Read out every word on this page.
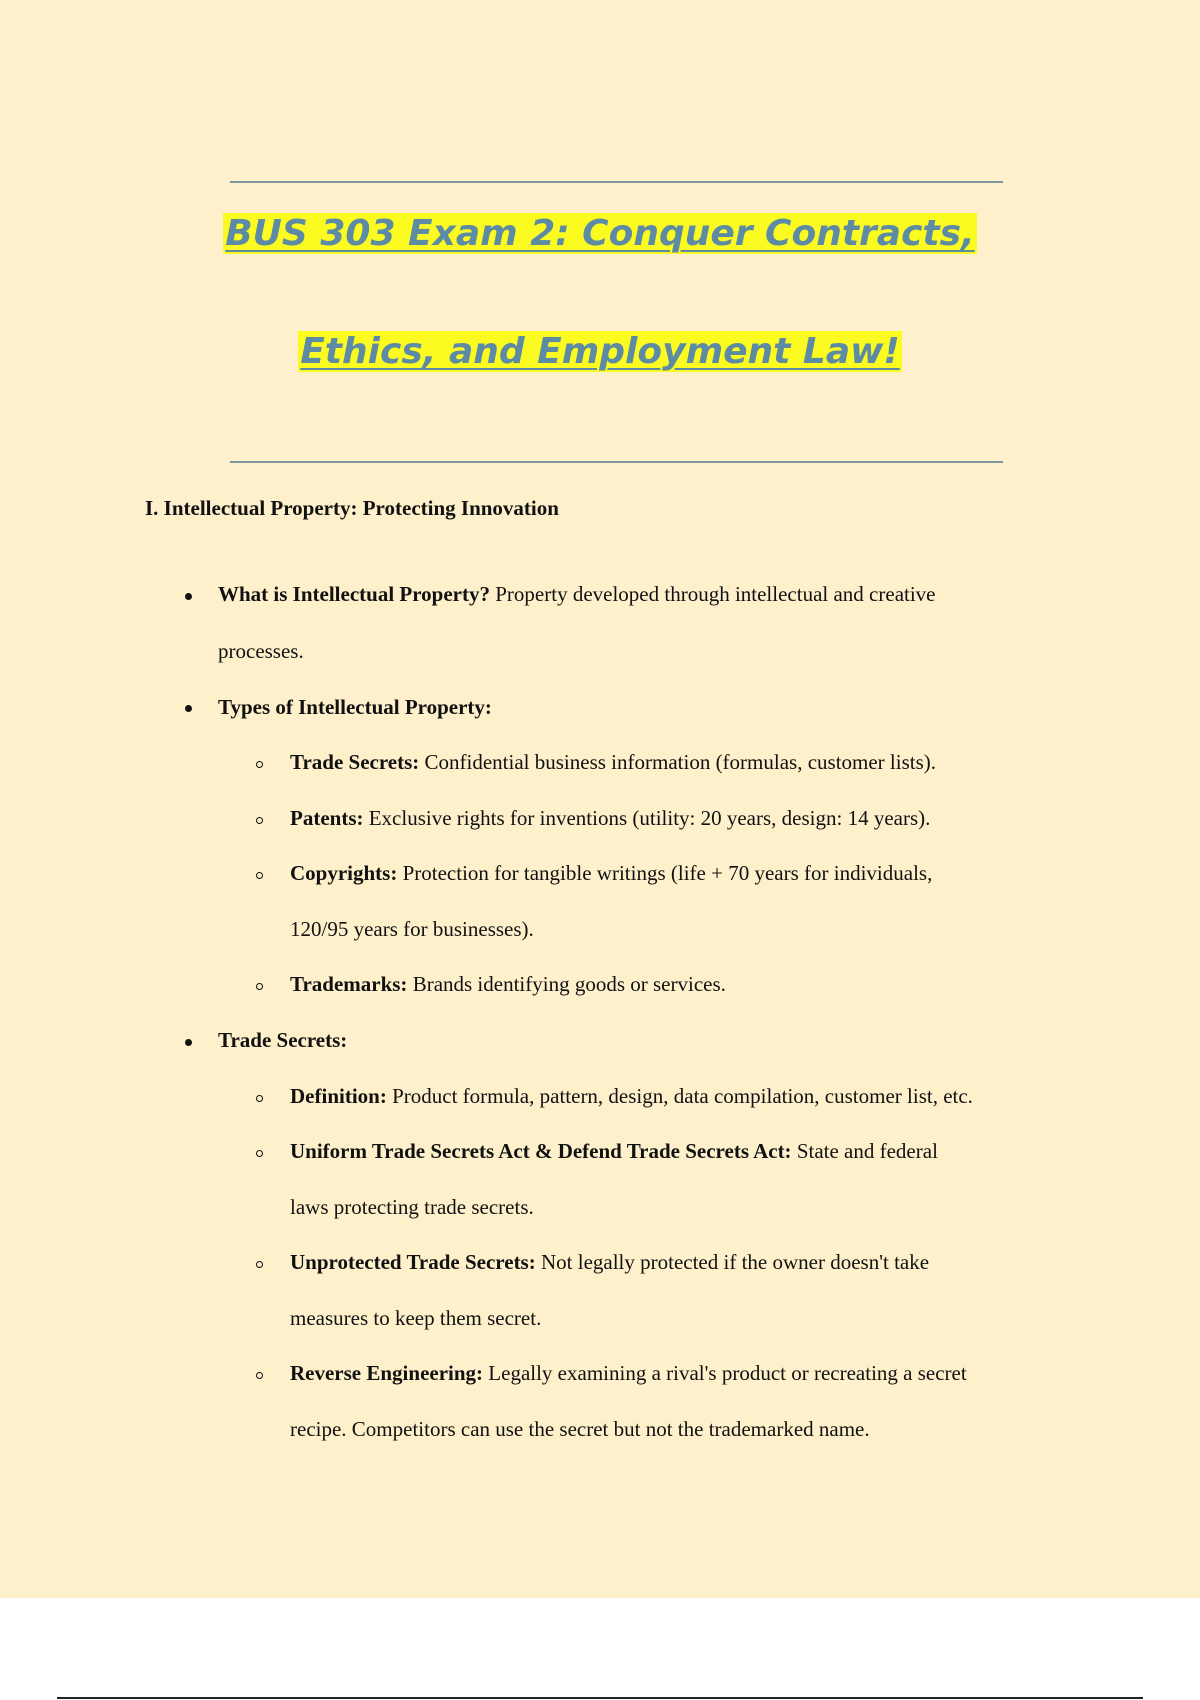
BUS 303 Exam 2: Conquer Contracts,
Ethics, and Employment Law!
I. Intellectual Property: Protecting Innovation
What is Intellectual Property? Property developed through intellectual and creative
processes.
Types of Intellectual Property:
Trade Secrets: Confidential business information (formulas, customer lists).
Patents: Exclusive rights for inventions (utility: 20 years, design: 14 years).
Copyrights: Protection for tangible writings (life + 70 years for individuals,
120/95 years for businesses).
Trademarks: Brands identifying goods or services.
Trade Secrets:
Definition: Product formula, pattern, design, data compilation, customer list, etc.
Uniform Trade Secrets Act & Defend Trade Secrets Act: State and federal
laws protecting trade secrets.
Unprotected Trade Secrets: Not legally protected if the owner doesn't take
measures to keep them secret.
Reverse Engineering: Legally examining a rival's product or recreating a secret
recipe. Competitors can use the secret but not the trademarked name.
